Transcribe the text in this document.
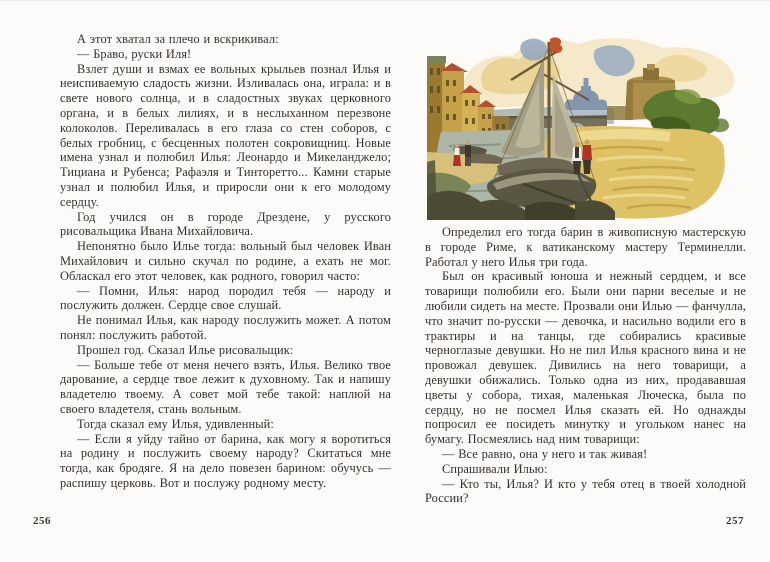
А этот хватал за плечо и вскрикивал:

— Браво, руски Иля!

Взлет души и взмах ее вольных крыльев познал Илья и неиспиваемую сладость жизни. Изливалась она, играла: и в свете нового солнца, и в сладостных звуках церковного органа, и в белых лилиях, и в неслыханном перезвоне колоколов. Переливалась в его глаза со стен соборов, с белых гробниц, с бесценных полотен сокровищниц. Новые имена узнал и полюбил Илья: Леонардо и Микеланджело; Тициана и Рубенса; Рафаэля и Тинторетто... Камни старые узнал и полюбил Илья, и приросли они к его молодому сердцу.

Год учился он в городе Дрездене, у русского рисовальщика Ивана Михайловича.

Непонятно было Илье тогда: вольный был человек Иван Михайлович и сильно скучал по родине, а ехать не мог. Обласкал его этот человек, как родного, говорил часто:

— Помни, Илья: народ породил тебя — народу и послужить должен. Сердце свое слушай.

Не понимал Илья, как народу послужить может. А потом понял: послужить работой.

Прошел год. Сказал Илье рисовальщик:

— Больше тебе от меня нечего взять, Илья. Велико твое дарование, а сердце твое лежит к духовному. Так и напишу владетелю твоему. А совет мой тебе такой: наплюй на своего владетеля, стань вольным.

Тогда сказал ему Илья, удивленный:

— Если я уйду тайно от барина, как могу я воротиться на родину и послужить своему народу? Скитаться мне тогда, как бродяге. Я на дело повезен барином: обучусь — распишу церковь. Вот и послужу родному месту.

256

Определил его тогда барин в живописную мастерскую в городе Риме, к ватиканскому мастеру Терминелли. Работал у него Илья три года.

Был он красивый юноша и нежный сердцем, и все товарищи полюбили его. Были они парни веселые и не любили сидеть на месте. Прозвали они Илью — фанчулла, что значит по-русски — девочка, и насильно водили его в трактиры и на танцы, где собирались красивые черноглазые девушки. Но не пил Илья красного вина и не провожал девушек. Дивились на него товарищи, а девушки обижались. Только одна из них, продававшая цветы у собора, тихая, маленькая Люческа, была по сердцу, но не посмел Илья сказать ей. Но однажды попросил ее посидеть минутку и угольком нанес на бумагу. Посмеялись над ним товарищи:

— Все равно, она у него и так живая!

Спрашивали Илью:

— Кто ты, Илья? И кто у тебя отец в твоей холодной России?

257
